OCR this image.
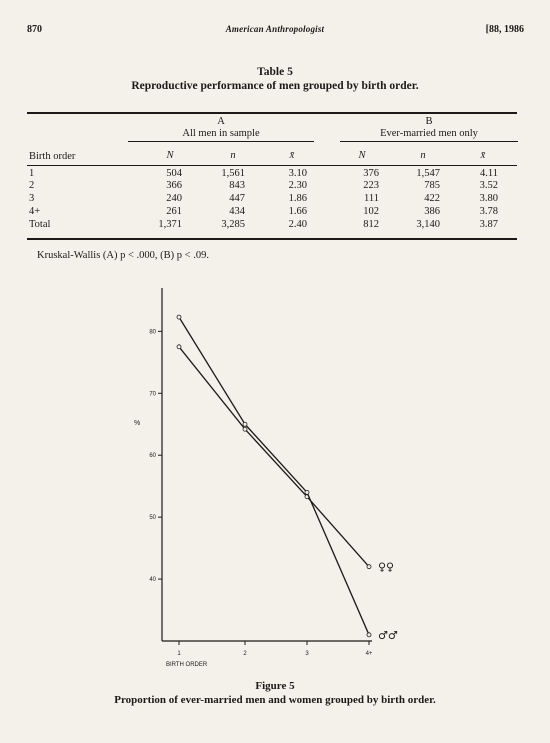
870	American Anthropologist	[88, 1986
Table 5
Reproductive performance of men grouped by birth order.
A
All men in sample
B
Ever-married men only
Birth order	N	n	x̄	N	n	x̄
1	504	1,561	3.10	376	1,547	4.11
2	366	843	2.30	223	785	3.52
3	240	447	1.86	111	422	3.80
4+	261	434	1.66	102	386	3.78
Total	1,371	3,285	2.40	812	3,140	3.87
Kruskal-Wallis (A) p < .000, (B) p < .09.
40
50
60
70
80
%
1	2	3	4+
BIRTH ORDER
♀♀
♂♂
Figure 5
Proportion of ever-married men and women grouped by birth order.
